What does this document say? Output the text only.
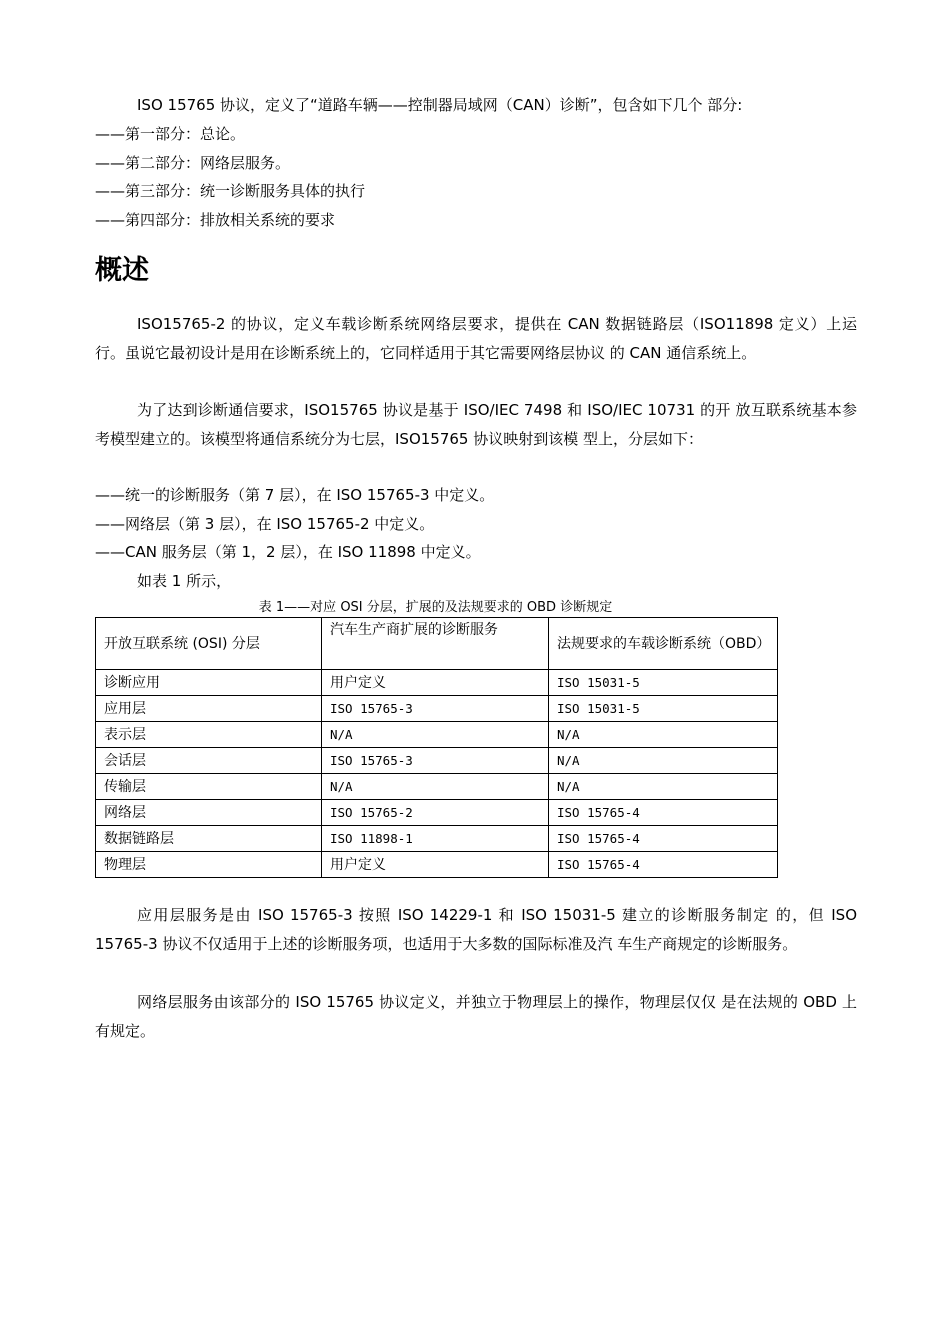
ISO 15765 协议，定义了“道路车辆——控制器局域网（CAN）诊断”，包含如下几个 部分:
——第一部分：总论。
——第二部分：网络层服务。
——第三部分：统一诊断服务具体的执行
——第四部分：排放相关系统的要求
概述

ISO15765-2 的协议，定义车载诊断系统网络层要求，提供在 CAN 数据链路层（ISO11898 定义）上运行。虽说它最初设计是用在诊断系统上的，它同样适用于其它需要网络层协议 的 CAN 通信系统上。

为了达到诊断通信要求，ISO15765 协议是基于 ISO/IEC 7498 和 ISO/IEC 10731 的开 放互联系统基本参考模型建立的。该模型将通信系统分为七层，ISO15765 协议映射到该模 型上，分层如下：

——统一的诊断服务（第 7 层），在 ISO 15765-3 中定义。
——网络层（第 3 层），在 ISO 15765-2 中定义。
——CAN 服务层（第 1，2 层），在 ISO 11898 中定义。
如表 1 所示，
表 1——对应 OSI 分层，扩展的及法规要求的 OBD 诊断规定
开放互联系统 (OSI) 分层	汽车生产商扩展的诊断服务	法规要求的车载诊断系统（OBD）
诊断应用	用户定义	ISO 15031-5
应用层	ISO 15765-3	ISO 15031-5
表示层	N/A	N/A
会话层	ISO 15765-3	N/A
传输层	N/A	N/A
网络层	ISO 15765-2	ISO 15765-4
数据链路层	ISO 11898-1	ISO 15765-4
物理层	用户定义	ISO 15765-4

应用层服务是由 ISO 15765-3 按照 ISO 14229-1 和 ISO 15031-5 建立的诊断服务制定 的，但 ISO 15765-3 协议不仅适用于上述的诊断服务项，也适用于大多数的国际标准及汽 车生产商规定的诊断服务。

网络层服务由该部分的 ISO 15765 协议定义，并独立于物理层上的操作，物理层仅仅 是在法规的 OBD 上有规定。
